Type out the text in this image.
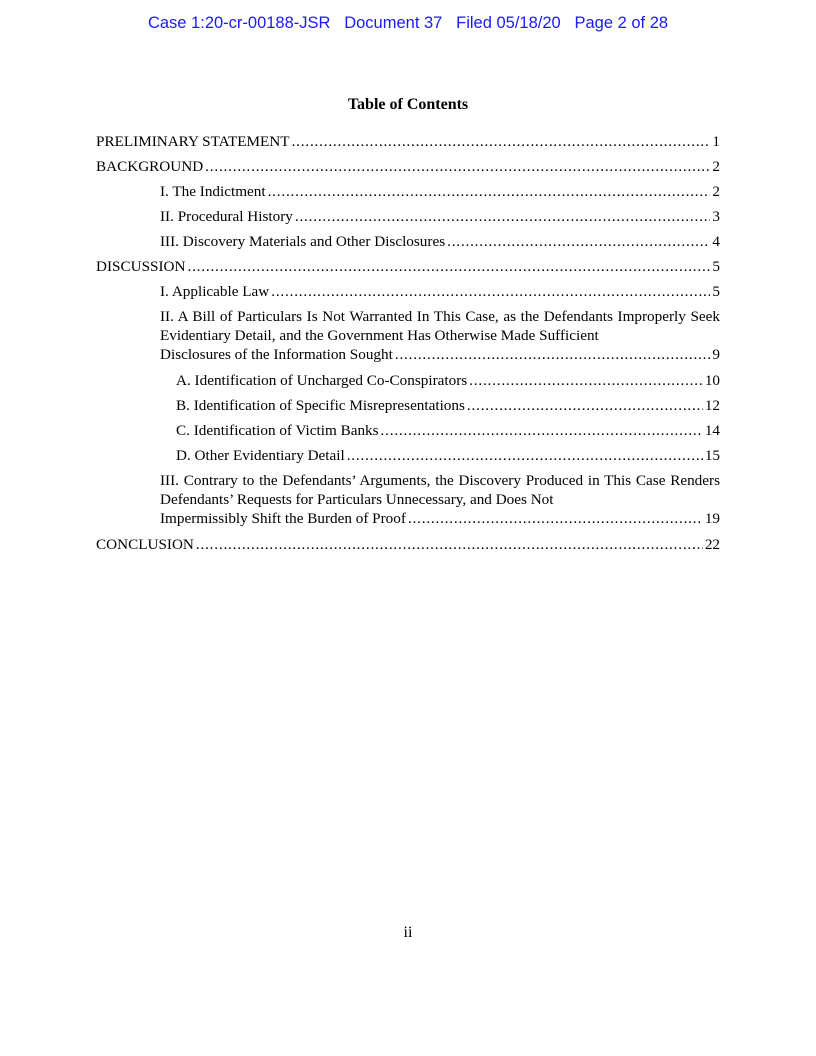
Case 1:20-cr-00188-JSR Document 37 Filed 05/18/20 Page 2 of 28
Table of Contents
PRELIMINARY STATEMENT . . .	1
BACKGROUND . . .	2
I. The Indictment . . .	2
II. Procedural History . . .	3
III. Discovery Materials and Other Disclosures . . .	4
DISCUSSION . . .	5
I. Applicable Law . . .	5
II. A Bill of Particulars Is Not Warranted In This Case, as the Defendants Improperly Seek Evidentiary Detail, and the Government Has Otherwise Made Sufficient
Disclosures of the Information Sought . . .	9
A. Identification of Uncharged Co-Conspirators . . .	10
B. Identification of Specific Misrepresentations . . .	12
C. Identification of Victim Banks . . .	14
D. Other Evidentiary Detail . . .	15
III. Contrary to the Defendants’ Arguments, the Discovery Produced in This Case Renders Defendants’ Requests for Particulars Unnecessary, and Does Not
Impermissibly Shift the Burden of Proof . . .	19
CONCLUSION . . .	22
ii
